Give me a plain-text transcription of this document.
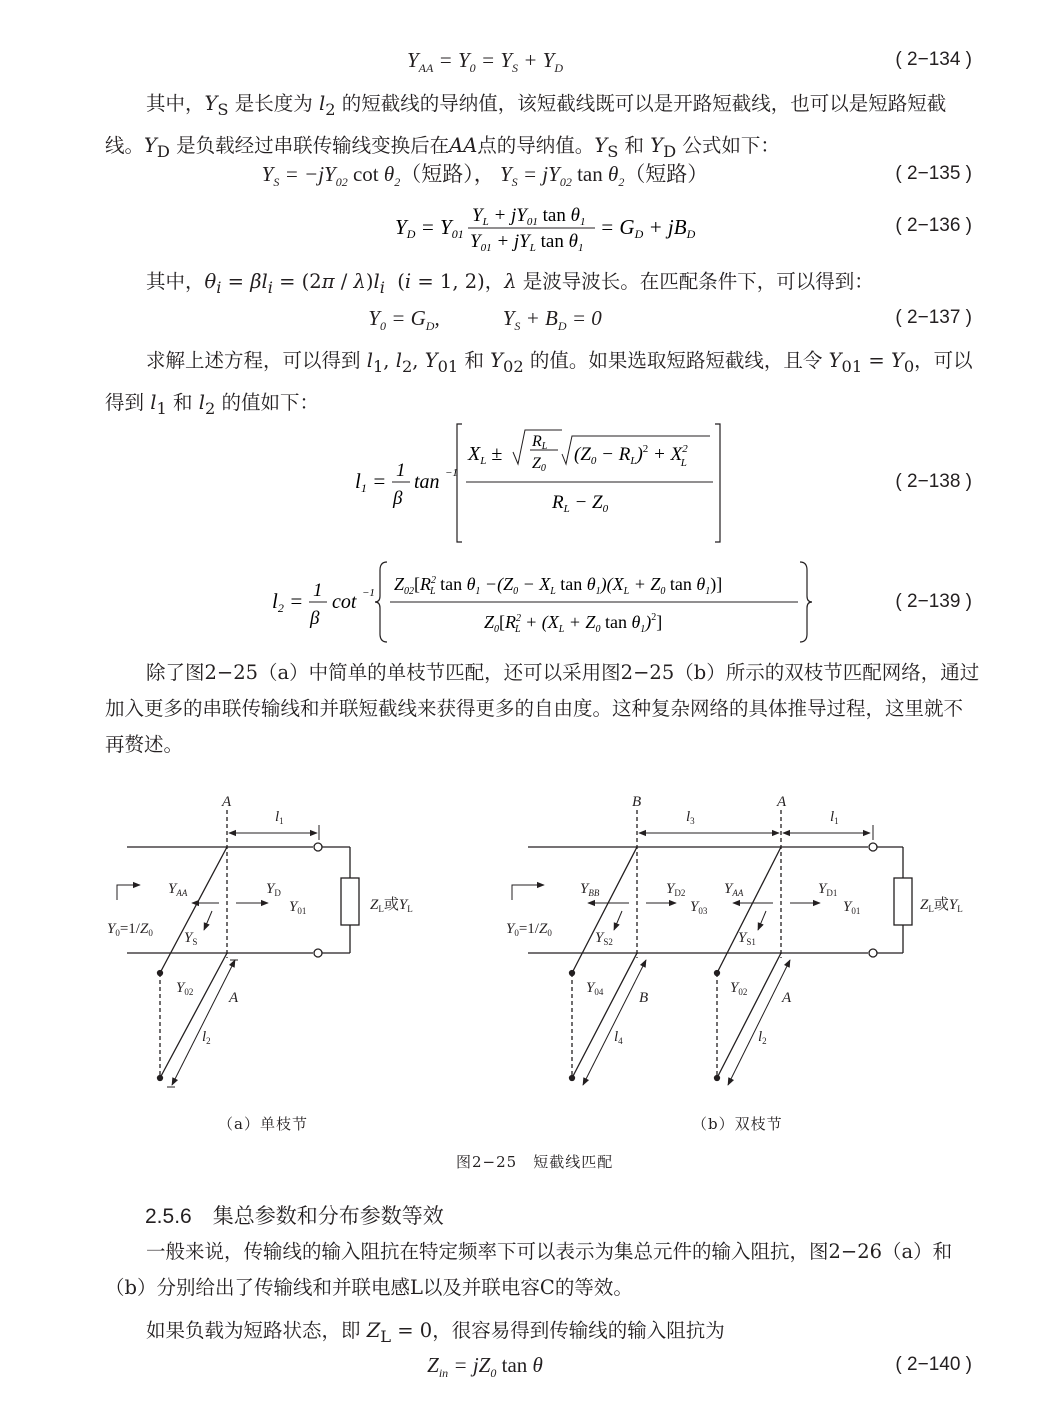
$Y_{AA} = Y_0 = Y_S + Y_D$	( 2−134 )

其中，$Y_S$ 是长度为 $l_2$ 的短截线的导纳值，该短截线既可以是开路短截线，也可以是短路短截线。$Y_D$ 是负载经过串联传输线变换后在AA点的导纳值。$Y_S$ 和 $Y_D$ 公式如下：

$Y_S = -jY_{02}$ $\cot \theta_2$（短路）， $Y_S = jY_{02}$ $\tan \theta_2$（短路）	( 2−135 )
YD = Y01
$Y_L + jY_{01}$ $\tan \theta_1$
$Y_{01} + jY_L$ $\tan \theta_1$
= GD + jBD	( 2−136 )

其中，$\theta_i = \beta l_i = (2\pi / \lambda)l_i$  (i = 1, 2)，λ 是波导波长。在匹配条件下，可以得到：

$Y_0 = G_D$,            $Y_S + B_D = 0$	( 2−137 )

求解上述方程，可以得到 $l_1$, $l_2$, $Y_{01}$ 和 $Y_{02}$ 的值。如果选取短路短截线，且令 $Y_{01} = Y_0$，可以得到 $l_1$ 和 $l_2$ 的值如下：

l1 = 1
β
tan −1
$X_L$ ±
RL
Z0
$(Z_0 - R_L)^2 + X^2$ L
$R_L - Z_0$
( 2−138 )
l2 = 1
β
cot −1 $Z_{02}[R^2$ L $\tan \theta_1 -(Z_0 - X_L$ $\tan \theta_1)(X_L + Z_0$ $\tan \theta_1$)]
$Z_0[R^2$ $L + (X_L + Z_0$ $\tan \theta_1)^2$]
( 2−139 )

除了图2−25（a）中简单的单枝节匹配，还可以采用图2−25（b）所示的双枝节匹配网络，通过加入更多的串联传输线和并联短截线来获得更多的自由度。这种复杂网络的具体推导过程，这里就不再赘述。

A
$l_1$
$Y_{AA}$	$Y_D$
$Y_{01}$
$Y_0=1/Z_0$ $Y_S$
$Y_{02}$ A
$l_2$
$Z_L$或$Y_L$
B	A
$l_3$	$l_1$
$Y_{BB}$	$Y_{D2}$
$Y_{03}$
$Y_{AA}$	$Y_{D1}$
$Y_{01}$
$Y_0=1/Z_0$	$Y_{S2}$	$Y_{S1}$
$Y_{04}$	$Y_{02}$
B	A
$l_4$	$l_2$
$Z_L$或$Y_L$
（a）单枝节	（b）双枝节
图2−25　短截线匹配
2.5.6　集总参数和分布参数等效

一般来说，传输线的输入阻抗在特定频率下可以表示为集总元件的输入阻抗，图2−26（a）和（b）分别给出了传输线和并联电感L以及并联电容C的等效。

如果负载为短路状态，即 $Z_L = 0$，很容易得到传输线的输入阻抗为

$Z_{in} = jZ_0$ tan θ	( 2−140 )
